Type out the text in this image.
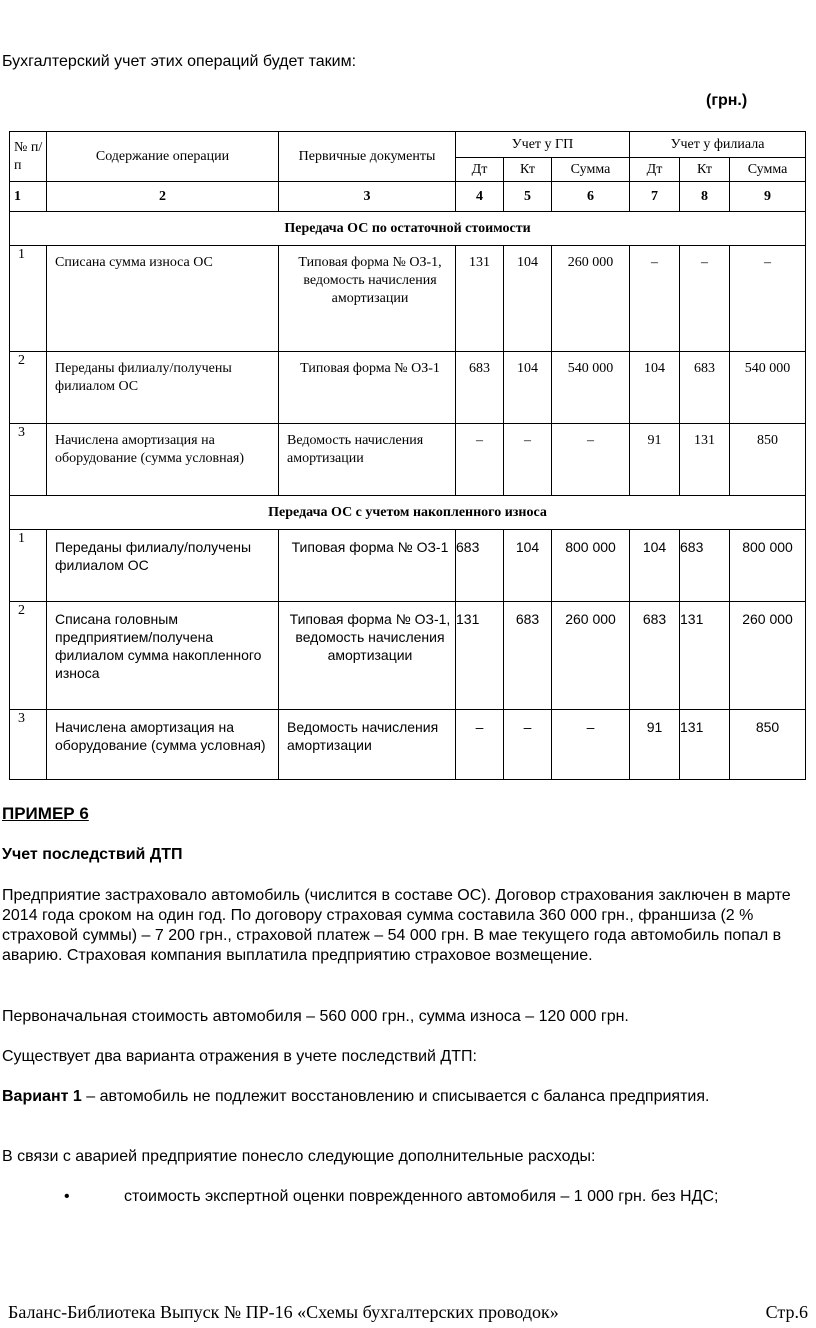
Бухгалтерский учет этих операций будет таким:
(грн.)
№ п/п	Содержание операции	Первичные документы	Учет у ГП			Учет у филиала		
			Дт	Кт	Сумма	Дт	Кт	Сумма
1	2	3	4	5	6	7	8	9
Передача ОС по остаточной стоимости								
1	Списана сумма износа ОС	Типовая форма № ОЗ-1, ведомость начисления амортизации	131	104	260 000	–	–	–
2	Переданы филиалу/получены филиалом ОС	Типовая форма № ОЗ-1	683	104	540 000	104	683	540 000
3	Начислена амортизация на оборудование (сумма условная)	Ведомость начисления амортизации	–	–	–	91	131	850
Передача ОС с учетом накопленного износа								
1	Переданы филиалу/получены филиалом ОС	Типовая форма № ОЗ-1	683	104	800 000	104	683	800 000
2	Списана головным предприятием/получена филиалом сумма накопленного износа	Типовая форма № ОЗ-1, ведомость начисления амортизации	131	683	260 000	683	131	260 000
3	Начислена амортизация на оборудование (сумма условная)	Ведомость начисления амортизации	–	–	–	91	131	850
ПРИМЕР 6
Учет последствий ДТП
Предприятие застраховало автомобиль (числится в составе ОС). Договор страхования заключен в марте 2014 года сроком на один год. По договору страховая сумма составила 360 000 грн., франшиза (2 % страховой суммы) – 7 200 грн., страховой платеж – 54 000 грн. В мае текущего года автомобиль попал в аварию. Страховая компания выплатила предприятию страховое возмещение.
Первоначальная стоимость автомобиля – 560 000 грн., сумма износа – 120 000 грн.
Существует два варианта отражения в учете последствий ДТП:
Вариант 1 – автомобиль не подлежит восстановлению и списывается с баланса предприятия.
В связи с аварией предприятие понесло следующие дополнительные расходы:
•	стоимость экспертной оценки поврежденного автомобиля – 1 000 грн. без НДС;
Баланс-Библиотека Выпуск № ПР-16 «Схемы бухгалтерских проводок»	Стр.6
